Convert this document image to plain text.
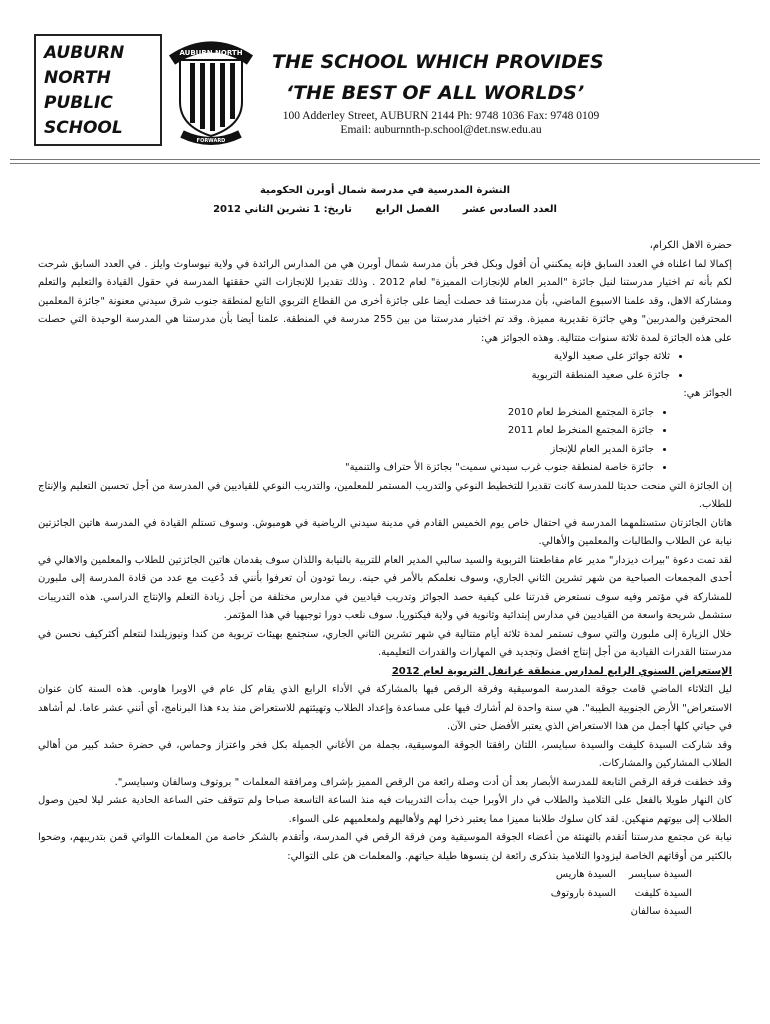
AUBURN
NORTH
PUBLIC
SCHOOL
AUBURN NORTH
FORWARD
THE SCHOOL WHICH PROVIDES
‘THE BEST OF ALL WORLDS’
100 Adderley Street, AUBURN 2144 Ph: 9748 1036 Fax: 9748 0109
Email: auburnnth-p.school@det.nsw.edu.au

النشرة المدرسية في مدرسة شمال أوبرن الحكومية

العدد السادس عشر الفصل الرابع تاريخ: 1 تشرين الثاني 2012

حضرة الاهل الكرام،

إكمالا لما اعلناه في العدد السابق فإنه يمكنني أن أقول وبكل فخر بأن مدرسة شمال أوبرن هي من المدارس الرائدة في ولاية نيوساوث وايلز . في العدد السابق شرحت لكم بأنه تم اختيار مدرستنا لنيل جائزة "المدير العام للإنجازات المميزة" لعام 2012 . وذلك تقديرا للإنجازات التي حققتها المدرسة في حقول القيادة والتعليم والتعلم ومشاركة الاهل، وقد علمنا الاسبوع الماضي، بأن مدرستنا قد حصلت أيضا على جائزة أخرى من القطاع التربوي التابع لمنطقة جنوب شرق سيدني معنونة "جائزة المعلمين المحترفين والمدربين" وهي جائزة تقديرية مميزة. وقد تم اختيار مدرستنا من بين 255 مدرسة في المنطقة. علمنا أيضا بأن مدرستنا هي المدرسة الوحيدة التي حصلت على هذه الجائزة لمدة ثلاثة سنوات متتالية. وهذه الجوائز هي:

• ثلاثة جوائز على صعيد الولاية
• جائزة على صعيد المنطقة التربوية

الجوائز هي:

• جائزة المجتمع المنخرط لعام 2010
• جائزة المجتمع المنخرط لعام 2011
• جائزة المدير العام للإنجاز
• جائزة خاصة لمنطقة جنوب غرب سيدني سميت" بجائزة الأ حتراف والتنمية"

إن الجائزة التي منحت حديثا للمدرسة كانت تقديرا للتخطيط النوعي والتدريب المستمر للمعلمين، والتدريب النوعي للقياديين في المدرسة من أجل تحسين التعليم والإنتاج للطلاب.

هاتان الجائزتان ستستلمهما المدرسة في احتفال خاص يوم الخميس القادم في مدينة سيدني الرياضية في هومبوش. وسوف تستلم القيادة في المدرسة هاتين الجائزتين نيابة عن الطلاب والطالبات والمعلمين والأهالي.

لقد تمت دعوة "بيرات ديزدار" مدير عام مقاطعتنا التربوية والسيد سالبي المدير العام للتربية بالنيابة واللذان سوف يقدمان هاتين الجائزتين للطلاب والمعلمين والاهالي في أحدى المجمعات الصباحية من شهر تشرين الثاني الجاري، وسوف نعلمكم بالأمر في حينه. ربما تودون أن تعرفوا بأنني قد دُعيت مع عدد من قادة المدرسة إلى ملبورن للمشاركة في مؤتمر وفيه سوف نستعرض قدرتنا على كيفية حصد الجوائز وتدريب قياديين في مدارس مختلفة من أجل زيادة التعلم والإنتاج الدراسي. هذه التدريبات ستشمل شريحة واسعة من القياديين في مدارس إبتدائية وثانوية في ولاية فيكتوريا. سوف نلعب دورا توجيهيا في هذا المؤتمر.

خلال الزيارة إلى ملبورن والتي سوف تستمر لمدة ثلاثة أيام متتالية في شهر تشرين الثاني الجاري، سنجتمع بهيئات تربوية من كندا ونيوزيلندا لنتعلم أكثركيف نحسن في مدرستنا القدرات القيادية من أجل إنتاج افضل وتجديد في المهارات والقدرات التعليمية.

الإستعراض السنوي الرابع لمدارس منطقة غرانفل التربوية لعام 2012

ليل الثلاثاء الماضي قامت جوقة المدرسة الموسيقية وفرقة الرقص فيها بالمشاركة في الأداء الرابع الذي يقام كل عام في الاوبرا هاوس. هذه السنة كان عنوان الاستعراض" الأرض الجنوبية الطيبة". هي سنة واحدة لم أشارك فيها على مساعدة وإعداد الطلاب وتهيئتهم للاستعراض منذ بدء هذا البرنامج، أي أنني عشر عاما. لم أشاهد في حياتي كلها أجمل من هذا الاستعراض الذي يعتبر الأفضل حتى الآن.

وقد شاركت السيدة كليفت والسيدة سبايسر، اللتان رافقتا الجوقة الموسيقية، بجملة من الأغاني الجميلة بكل فخر واعتزاز وحماس، في حضرة حشد كبير من أهالي الطلاب المشاركين والمشاركات.

وقد خطفت فرقة الرقص التابعة للمدرسة الأبصار بعد أن أدت وصلة رائعة من الرقص المميز بإشراف ومرافقة المعلمات " بروتوف وسالفان وسبايسر".

كان النهار طويلا بالفعل على التلاميذ والطلاب في دار الأوبرا حيث بدأت التدريبات فيه منذ الساعة التاسعة صباحا ولم تتوقف حتى الساعة الحادية عشر ليلا لحين وصول الطلاب إلى بيوتهم منهكين. لقد كان سلوك طلابنا مميزا مما يعتبر ذخرا لهم ولأهاليهم ولمعلميهم على السواء.

نيابة عن مجتمع مدرستنا أتقدم بالتهنئة من أعضاء الجوقة الموسيقية ومن فرقة الرقص في المدرسة، وأتقدم بالشكر خاصة من المعلمات اللواتي قمن بتدريبهم، وضحوا بالكثير من أوقاتهم الخاصة ليزودوا التلاميذ بتذكرى رائعة لن ينسوها طيلة حياتهم. والمعلمات هن على التوالي:

السيدة سبايسرالسيدة هاريس

السيدة كليفتالسيدة باروتوف

السيدة سالفان
